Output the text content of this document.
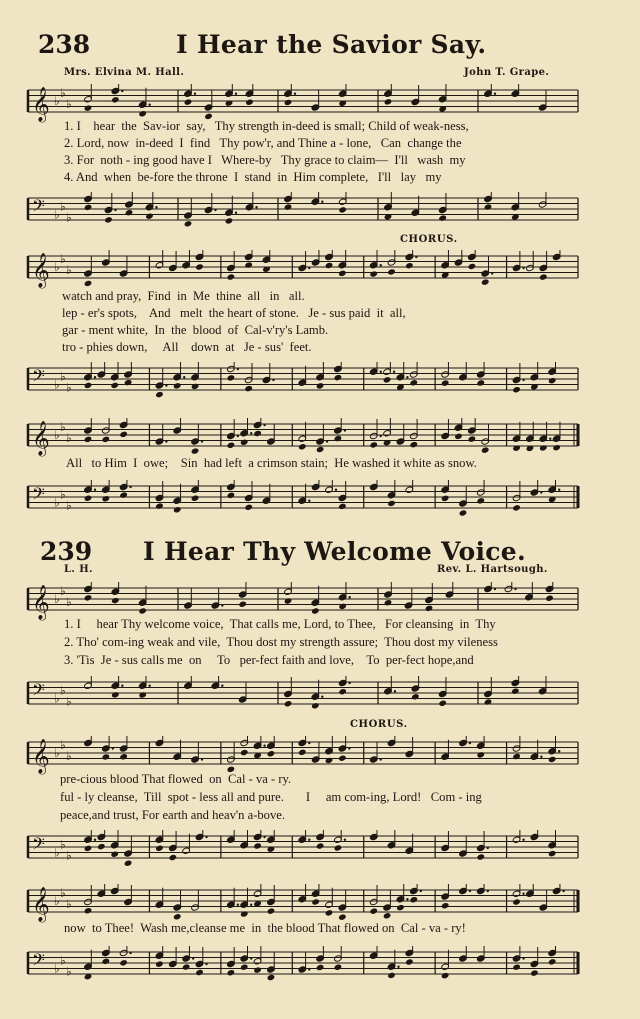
238	I Hear the Savior Say.
Mrs. Elvina M. Hall.	John T. Grape.
𝄞 ♭
♭
♭
1. I    hear  the  Sav-ior  say,   Thy strength in-deed is small; Child of weak-ness,
2. Lord, now  in-deed  I  find   Thy pow'r, and Thine a - lone,   Can  change the
3. For  noth - ing good have I   Where-by   Thy grace to claim—  I'll   wash  my
4. And  when  be-fore the throne  I  stand  in  Him complete,   I'll   lay   my
𝄢 ♭
♭
♭
CHORUS.
𝄞 ♭
♭
♭
watch and pray,  Find  in  Me  thine  all   in   all.
lep - er's spots,    And   melt  the heart of stone.   Je - sus paid  it  all,
gar - ment white,  In  the  blood  of  Cal-v'ry's Lamb.
tro - phies down,     All    down  at   Je - sus'  feet.
𝄢 ♭
♭
♭
𝄞 ♭
♭
♭
All   to Him  I  owe;    Sin  had left  a crimson stain;  He washed it white as snow.
𝄢 ♭
♭
♭
239 I Hear Thy Welcome Voice.
L. H.	Rev. L. Hartsough.
𝄞 ♭
♭
♭
1. I     hear Thy welcome voice,  That calls me, Lord, to Thee,   For cleansing  in  Thy
2. Tho' com-ing weak and vile,  Thou dost my strength assure;  Thou dost my vileness
3. 'Tis  Je - sus calls me  on     To   per-fect faith and love,    To  per-fect hope,and
𝄢 ♭
♭
♭
CHORUS.
𝄞 ♭
♭
♭
pre-cious blood That flowed  on  Cal - va - ry.
ful - ly cleanse,  Till  spot - less all and pure.       I     am com-ing, Lord!   Com - ing
peace,and trust, For earth and heav'n a-bove.
𝄢 ♭
♭
♭
𝄞 ♭
♭
♭
now  to Thee!  Wash me,cleanse me  in  the blood That flowed on  Cal - va - ry!
𝄢 ♭
♭
♭
